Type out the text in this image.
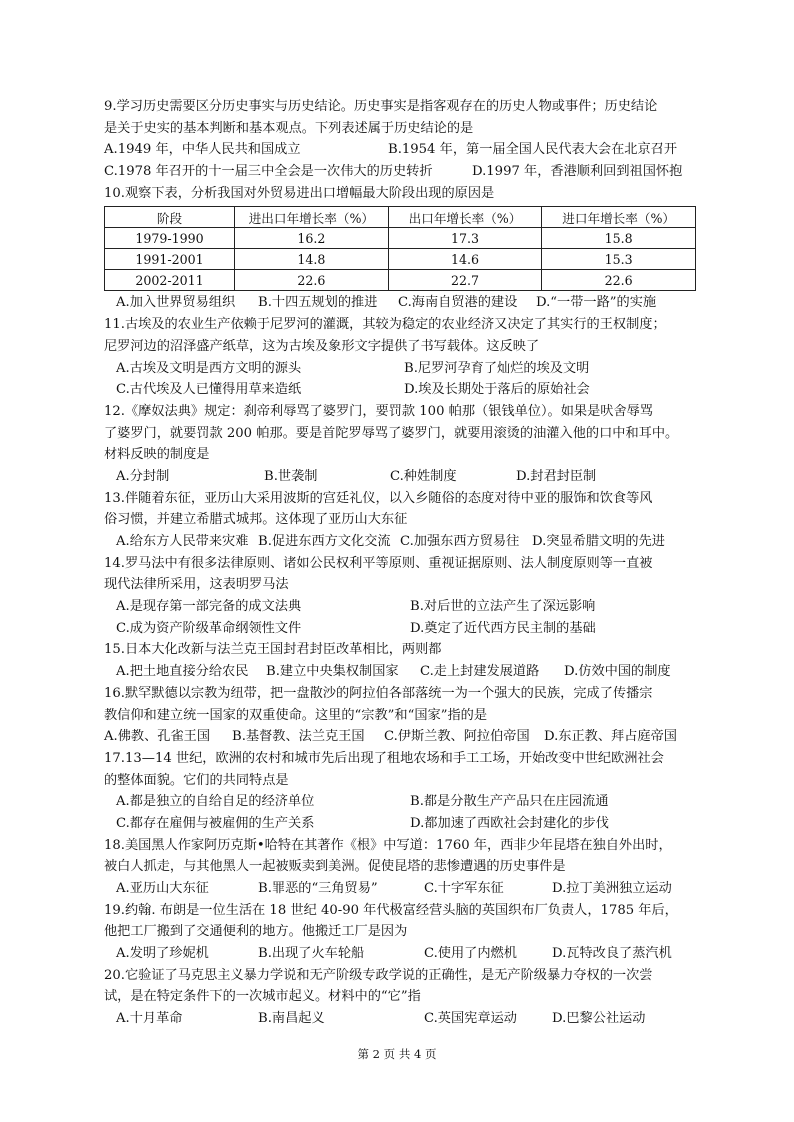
9.学习历史需要区分历史事实与历史结论。历史事实是指客观存在的历史人物或事件；历史结论
是关于史实的基本判断和基本观点。下列表述属于历史结论的是
A.1949 年，中华人民共和国成立	B.1954 年，第一届全国人民代表大会在北京召开
C.1978 年召开的十一届三中全会是一次伟大的历史转折	D.1997 年，香港顺利回到祖国怀抱
10.观察下表，分析我国对外贸易进出口增幅最大阶段出现的原因是
阶段	进出口年增长率（%）	出口年增长率（%）	进口年增长率（%）
1979-1990	16.2	17.3	15.8
1991-2001	14.8	14.6	15.3
2002-2011	22.6	22.7	22.6
A.加入世界贸易组织 B.十四五规划的推进 C.海南自贸港的建设 D.“一带一路”的实施
11.古埃及的农业生产依赖于尼罗河的灌溉，其较为稳定的农业经济又决定了其实行的王权制度；
尼罗河边的沼泽盛产纸草，这为古埃及象形文字提供了书写载体。这反映了
A.古埃及文明是西方文明的源头	B.尼罗河孕育了灿烂的埃及文明
C.古代埃及人已懂得用草来造纸	D.埃及长期处于落后的原始社会
12.《摩奴法典》规定：刹帝利辱骂了婆罗门，要罚款 100 帕那（银钱单位）。如果是吠舍辱骂
了婆罗门，就要罚款 200 帕那。要是首陀罗辱骂了婆罗门，就要用滚烫的油灌入他的口中和耳中。
材料反映的制度是
A.分封制	B.世袭制	C.种姓制度	D.封君封臣制
13.伴随着东征，亚历山大采用波斯的宫廷礼仪，以入乡随俗的态度对待中亚的服饰和饮食等风
俗习惯，并建立希腊式城邦。这体现了亚历山大东征
A.给东方人民带来灾难 B.促进东西方文化交流 C.加强东西方贸易往 D.突显希腊文明的先进
14.罗马法中有很多法律原则、诸如公民权利平等原则、重视证据原则、法人制度原则等一直被
现代法律所采用，这表明罗马法
A.是现存第一部完备的成文法典	B.对后世的立法产生了深远影响
C.成为资产阶级革命纲领性文件	D.奠定了近代西方民主制的基础
15.日本大化改新与法兰克王国封君封臣改革相比，两则都
A.把土地直接分给农民 B.建立中央集权制国家 C.走上封建发展道路 D.仿效中国的制度
16.默罕默德以宗教为纽带，把一盘散沙的阿拉伯各部落统一为一个强大的民族，完成了传播宗
教信仰和建立统一国家的双重使命。这里的“宗教”和“国家”指的是
A.佛教、孔雀王国 B.基督教、法兰克王国 C.伊斯兰教、阿拉伯帝国 D.东正教、拜占庭帝国
17.13—14 世纪，欧洲的农村和城市先后出现了租地农场和手工工场，开始改变中世纪欧洲社会
的整体面貌。它们的共同特点是
A.都是独立的自给自足的经济单位	B.都是分散生产产品只在庄园流通
C.都存在雇佣与被雇佣的生产关系	D.都加速了西欧社会封建化的步伐
18.美国黑人作家阿历克斯•哈特在其著作《根》中写道：1760 年，西非少年昆塔在独自外出时，
被白人抓走，与其他黑人一起被贩卖到美洲。促使昆塔的悲惨遭遇的历史事件是
A.亚历山大东征	B.罪恶的“三角贸易”	C.十字军东征	D.拉丁美洲独立运动
19.约翰. 布朗是一位生活在 18 世纪 40-90 年代极富经营头脑的英国织布厂负责人，1785 年后，
他把工厂搬到了交通便利的地方。他搬迁工厂是因为
A.发明了珍妮机	B.出现了火车轮船	C.使用了内燃机	D.瓦特改良了蒸汽机
20.它验证了马克思主义暴力学说和无产阶级专政学说的正确性，是无产阶级暴力夺权的一次尝
试，是在特定条件下的一次城市起义。材料中的“它”指
A.十月革命	B.南昌起义	C.英国宪章运动	D.巴黎公社运动
第 2 页 共 4 页
